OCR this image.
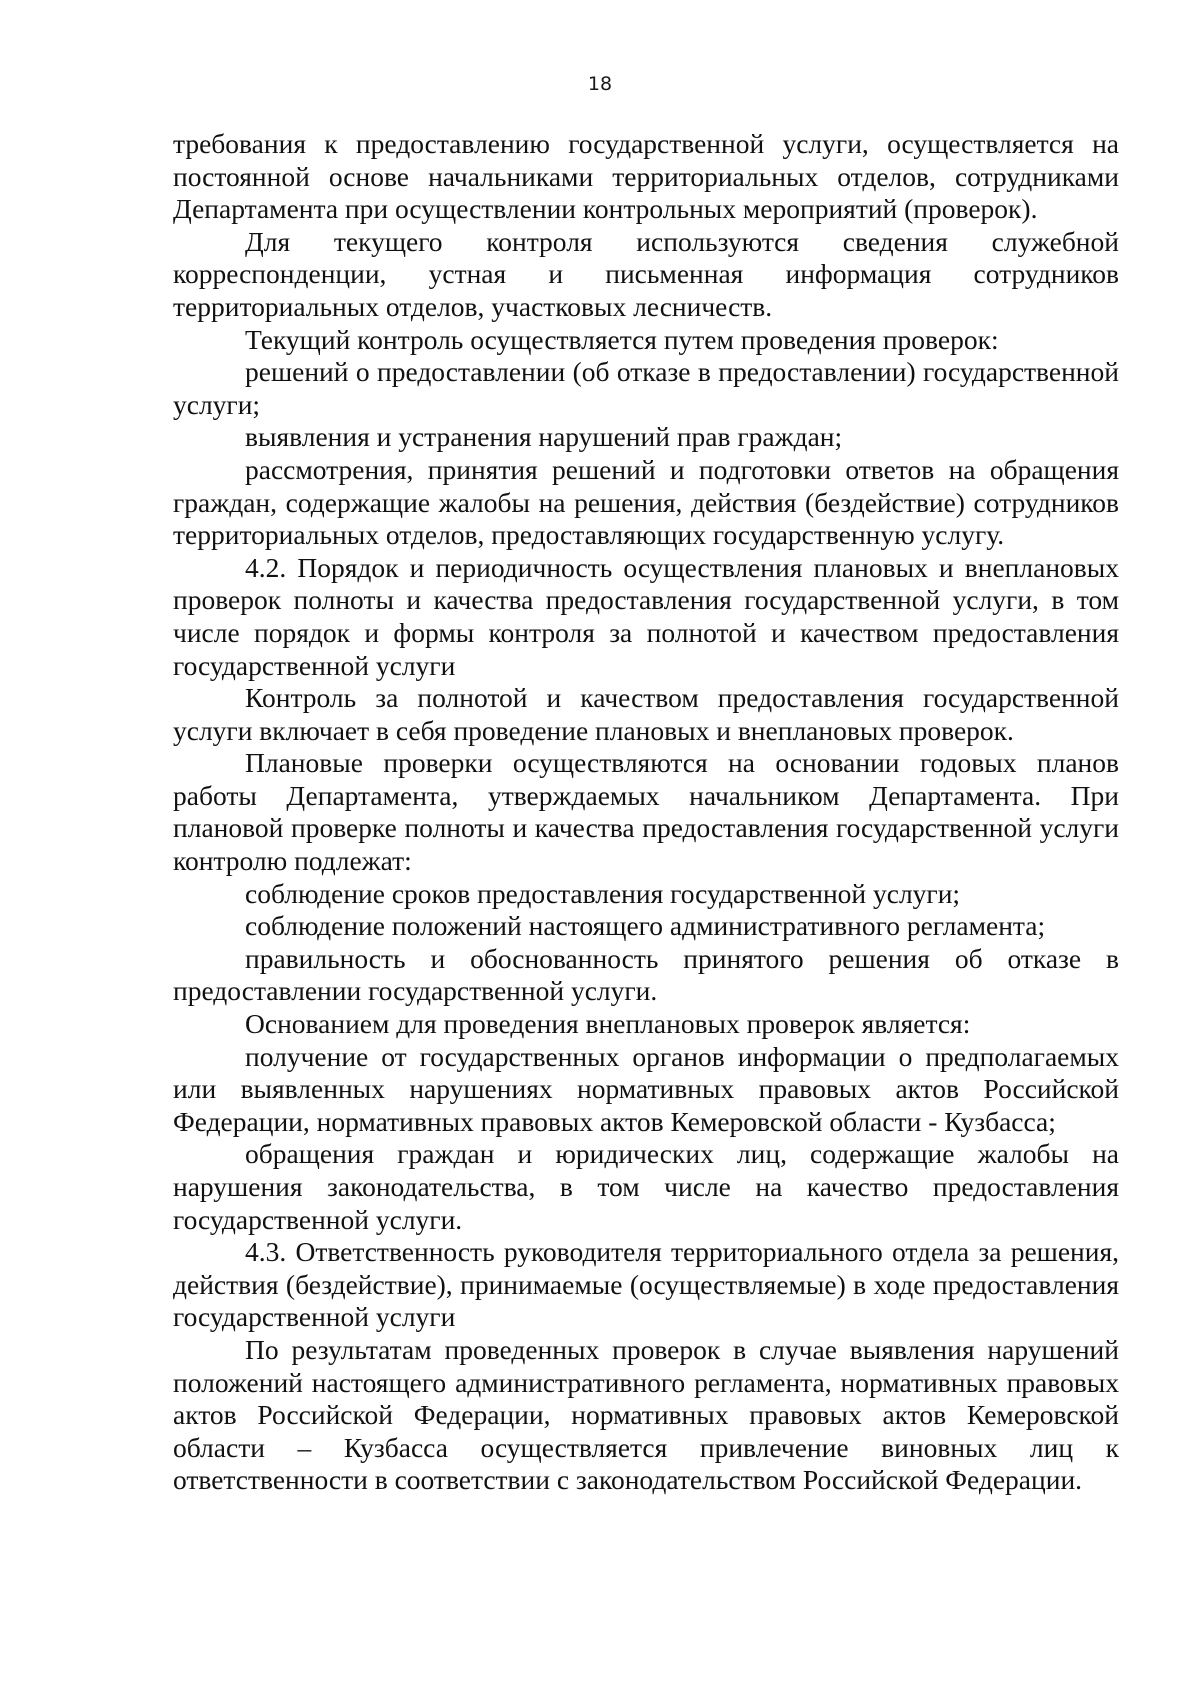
18

требования к предоставлению государственной услуги, осуществляется на постоянной основе начальниками территориальных отделов, сотрудниками Департамента при осуществлении контрольных мероприятий (проверок).

Для текущего контроля используются сведения служебной корреспонденции, устная и письменная информация сотрудников территориальных отделов, участковых лесничеств.

Текущий контроль осуществляется путем проведения проверок:

решений о предоставлении (об отказе в предоставлении) государственной услуги;

выявления и устранения нарушений прав граждан;

рассмотрения, принятия решений и подготовки ответов на обращения граждан, содержащие жалобы на решения, действия (бездействие) сотрудников территориальных отделов, предоставляющих государственную услугу.

4.2. Порядок и периодичность осуществления плановых и внеплановых проверок полноты и качества предоставления государственной услуги, в том числе порядок и формы контроля за полнотой и качеством предоставления государственной услуги

Контроль за полнотой и качеством предоставления государственной услуги включает в себя проведение плановых и внеплановых проверок.

Плановые проверки осуществляются на основании годовых планов работы Департамента, утверждаемых начальником Департамента. При плановой проверке полноты и качества предоставления государственной услуги контролю подлежат:

соблюдение сроков предоставления государственной услуги;

соблюдение положений настоящего административного регламента;

правильность и обоснованность принятого решения об отказе в предоставлении государственной услуги.

Основанием для проведения внеплановых проверок является:

получение от государственных органов информации о предполагаемых или выявленных нарушениях нормативных правовых актов Российской Федерации, нормативных правовых актов Кемеровской области - Кузбасса;

обращения граждан и юридических лиц, содержащие жалобы на нарушения законодательства, в том числе на качество предоставления государственной услуги.

4.3. Ответственность руководителя территориального отдела за решения, действия (бездействие), принимаемые (осуществляемые) в ходе предоставления государственной услуги

По результатам проведенных проверок в случае выявления нарушений положений настоящего административного регламента, нормативных правовых актов Российской Федерации, нормативных правовых актов Кемеровской области – Кузбасса осуществляется привлечение виновных лиц к ответственности в соответствии с законодательством Российской Федерации.
